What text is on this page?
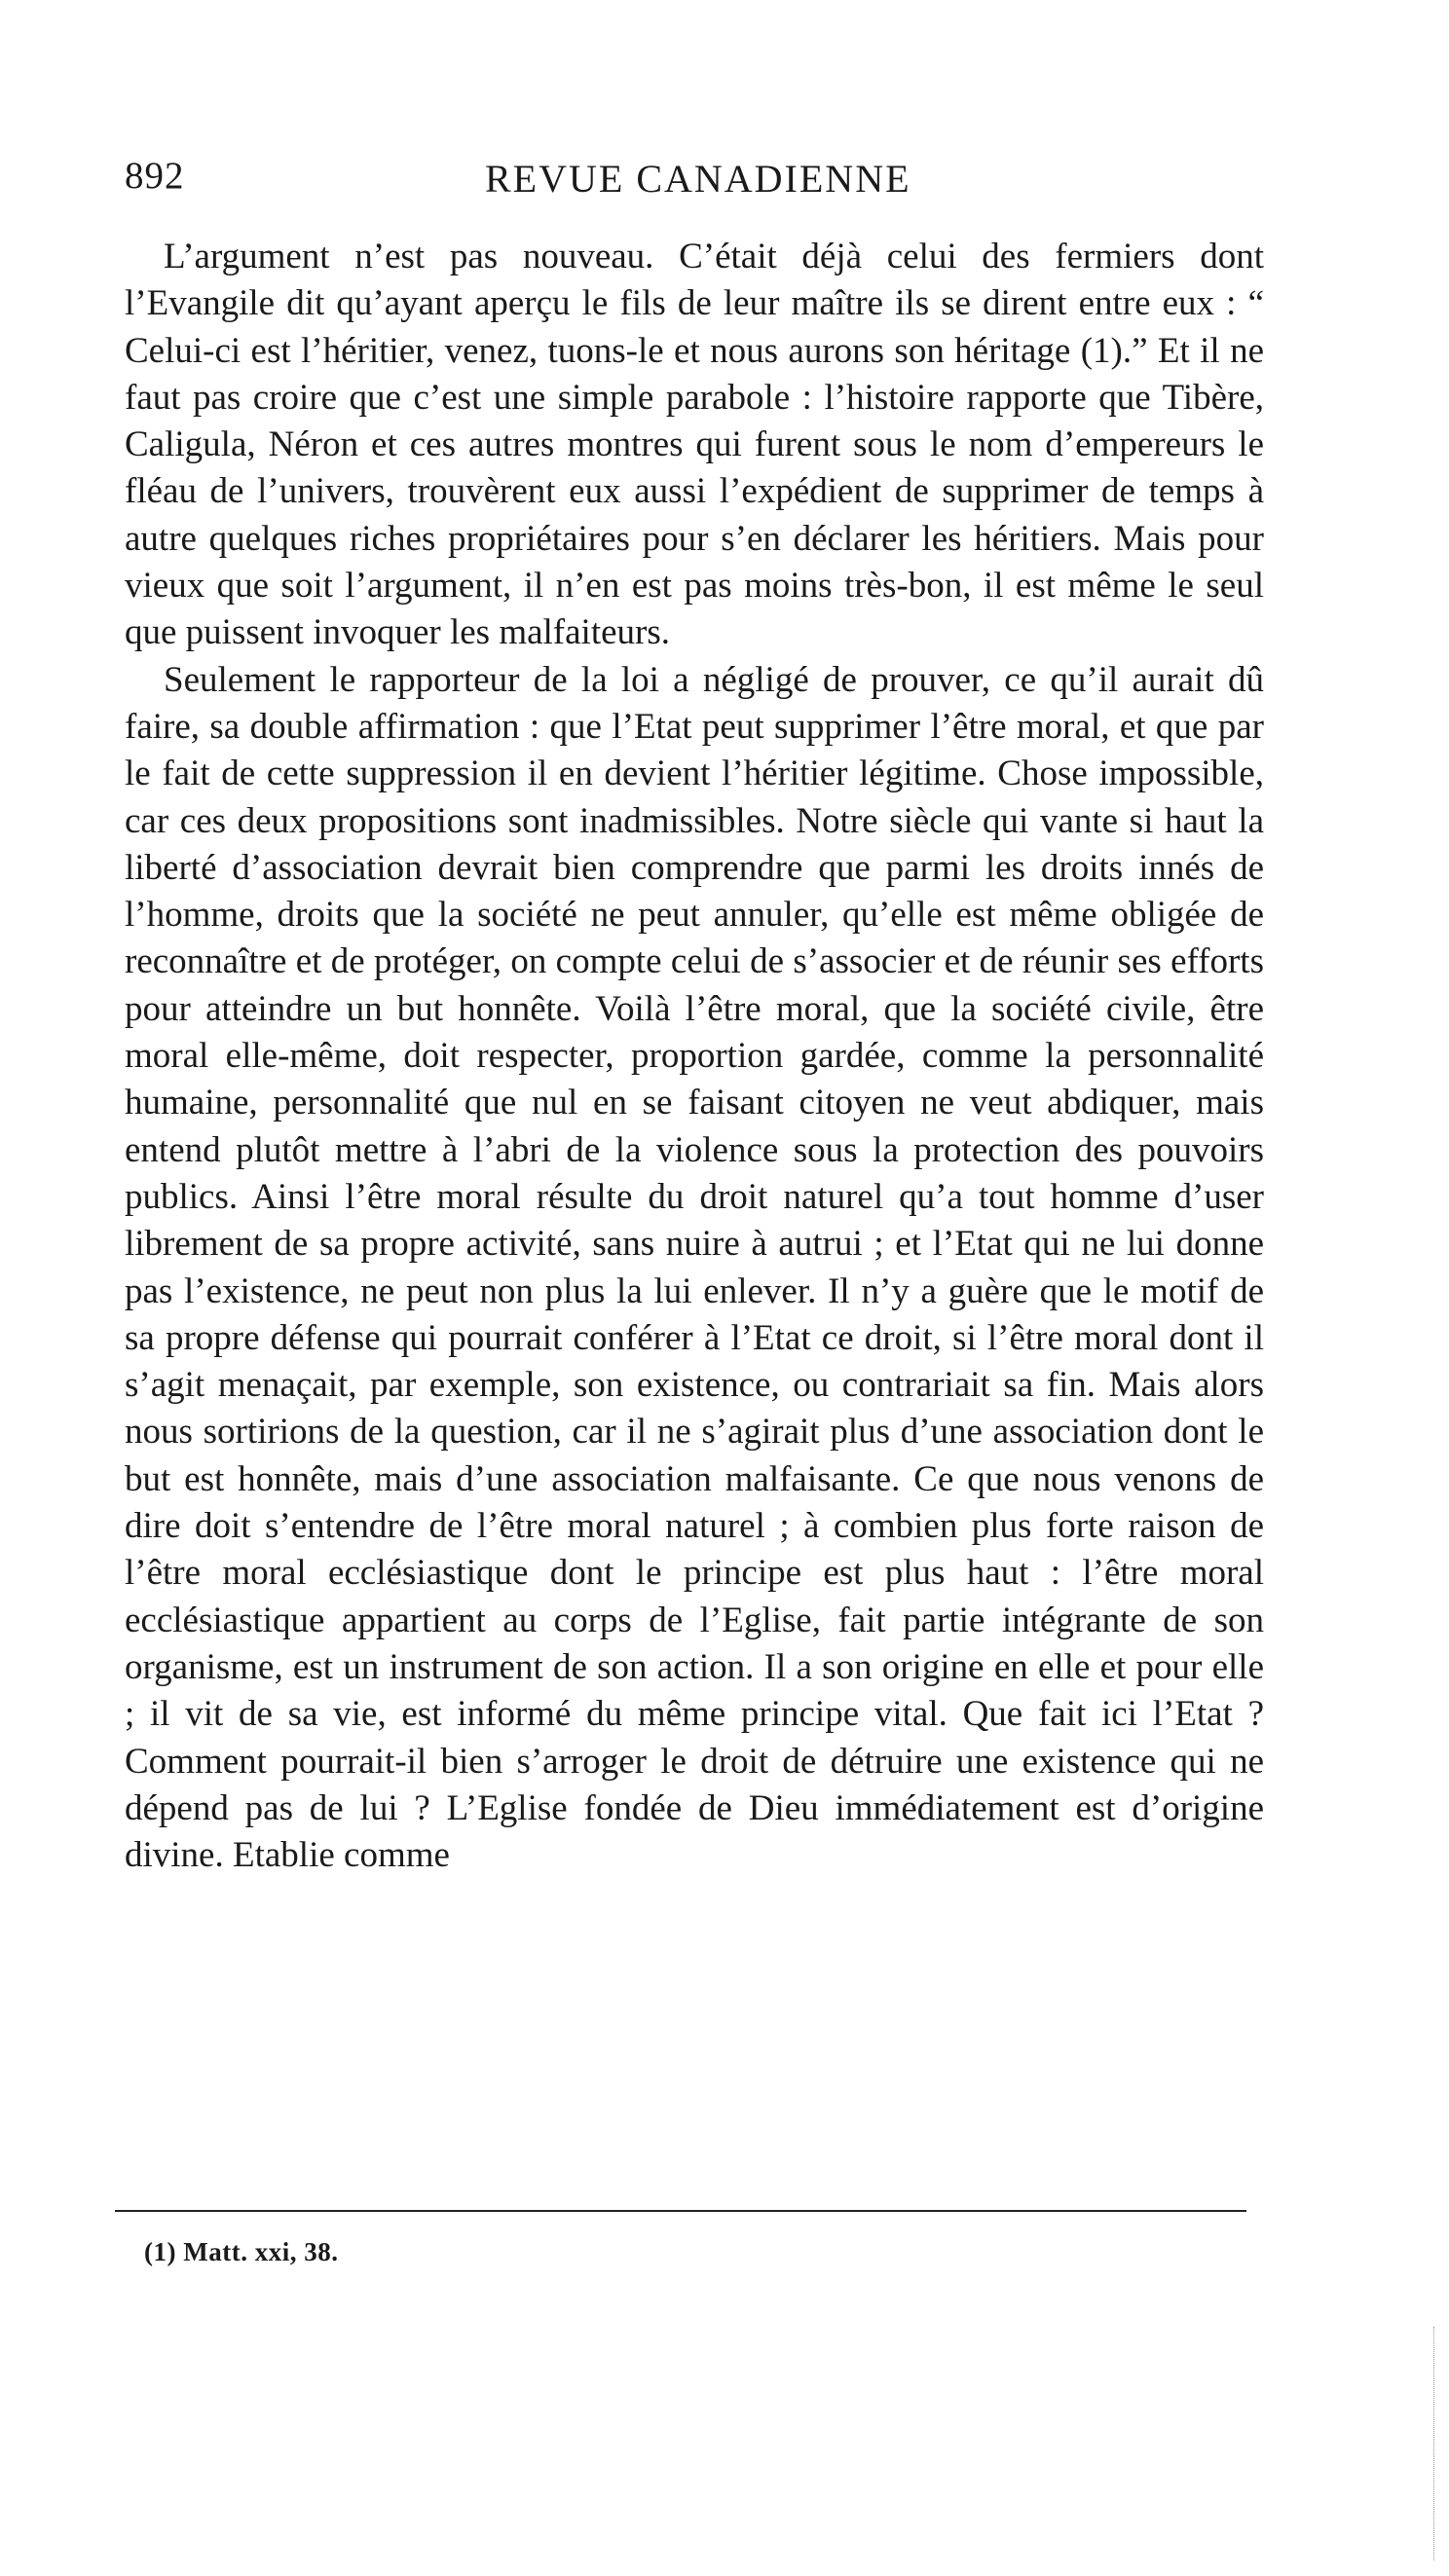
892	REVUE CANADIENNE

L’argument n’est pas nouveau. C’était déjà celui des fermiers dont l’Evangile dit qu’ayant aperçu le fils de leur maître ils se dirent entre eux : “ Celui-ci est l’héritier, venez, tuons-le et nous aurons son héritage (1).” Et il ne faut pas croire que c’est une simple parabole : l’histoire rapporte que Tibère, Caligula, Néron et ces autres montres qui furent sous le nom d’empereurs le fléau de l’univers, trouvèrent eux aussi l’expédient de supprimer de temps à autre quelques riches propriétaires pour s’en déclarer les héritiers. Mais pour vieux que soit l’argument, il n’en est pas moins très-bon, il est même le seul que puissent invoquer les malfaiteurs.

Seulement le rapporteur de la loi a négligé de prouver, ce qu’il aurait dû faire, sa double affirmation : que l’Etat peut supprimer l’être moral, et que par le fait de cette suppression il en devient l’héritier légitime. Chose impossible, car ces deux propositions sont inadmissibles. Notre siècle qui vante si haut la liberté d’association devrait bien comprendre que parmi les droits innés de l’homme, droits que la société ne peut annuler, qu’elle est même obligée de reconnaître et de protéger, on compte celui de s’associer et de réunir ses efforts pour atteindre un but honnête. Voilà l’être moral, que la société civile, être moral elle-même, doit respecter, proportion gardée, comme la personnalité humaine, personnalité que nul en se faisant citoyen ne veut abdiquer, mais entend plutôt mettre à l’abri de la violence sous la protection des pouvoirs publics. Ainsi l’être moral résulte du droit naturel qu’a tout homme d’user librement de sa propre activité, sans nuire à autrui ; et l’Etat qui ne lui donne pas l’existence, ne peut non plus la lui enlever. Il n’y a guère que le motif de sa propre défense qui pourrait conférer à l’Etat ce droit, si l’être moral dont il s’agit menaçait, par exemple, son existence, ou contrariait sa fin. Mais alors nous sortirions de la question, car il ne s’agirait plus d’une association dont le but est honnête, mais d’une association malfaisante. Ce que nous venons de dire doit s’entendre de l’être moral naturel ; à combien plus forte raison de l’être moral ecclésiastique dont le principe est plus haut : l’être moral ecclésiastique appartient au corps de l’Eglise, fait partie intégrante de son organisme, est un instrument de son action. Il a son origine en elle et pour elle ; il vit de sa vie, est informé du même principe vital. Que fait ici l’Etat ? Comment pourrait-il bien s’arroger le droit de détruire une existence qui ne dépend pas de lui ? L’Eglise fondée de Dieu immédiatement est d’origine divine. Etablie comme

(1) Matt. xxi, 38.
